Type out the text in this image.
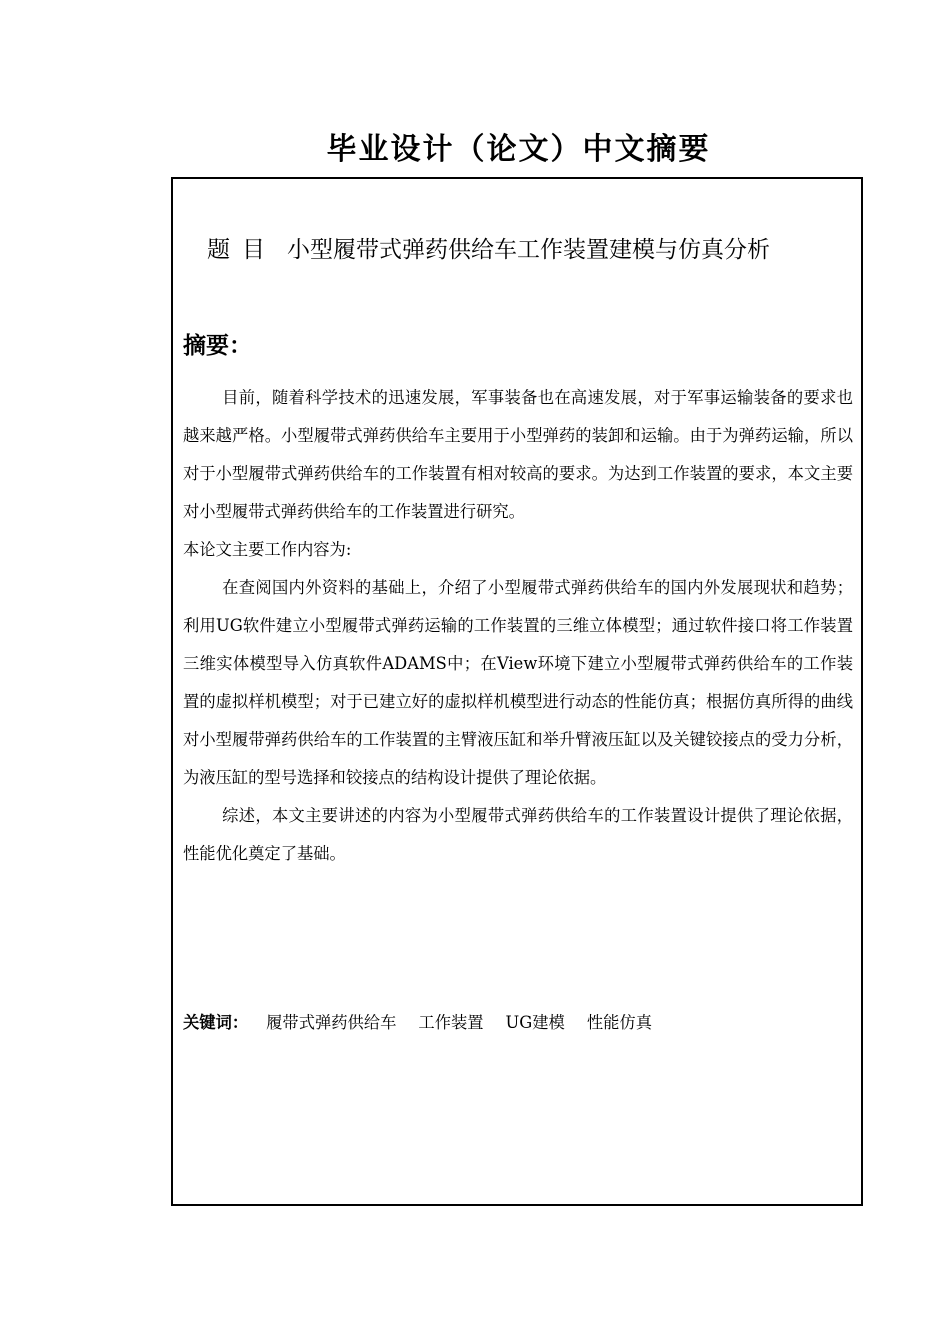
毕业设计（论文）中文摘要
题目 小型履带式弹药供给车工作装置建模与仿真分析
摘要：

目前，随着科学技术的迅速发展，军事装备也在高速发展，对于军事运输装备的要求也越来越严格。小型履带式弹药供给车主要用于小型弹药的装卸和运输。由于为弹药运输，所以对于小型履带式弹药供给车的工作装置有相对较高的要求。为达到工作装置的要求，本文主要对小型履带式弹药供给车的工作装置进行研究。

本论文主要工作内容为:

在查阅国内外资料的基础上，介绍了小型履带式弹药供给车的国内外发展现状和趋势；利用UG软件建立小型履带式弹药运输的工作装置的三维立体模型；通过软件接口将工作装置三维实体模型导入仿真软件ADAMS中；在View环境下建立小型履带式弹药供给车的工作装置的虚拟样机模型；对于已建立好的虚拟样机模型进行动态的性能仿真；根据仿真所得的曲线对小型履带弹药供给车的工作装置的主臂液压缸和举升臂液压缸以及关键铰接点的受力分析，为液压缸的型号选择和铰接点的结构设计提供了理论依据。

综述，本文主要讲述的内容为小型履带式弹药供给车的工作装置设计提供了理论依据，性能优化奠定了基础。

关键词： 履带式弹药供给车 工作装置 UG建模 性能仿真
